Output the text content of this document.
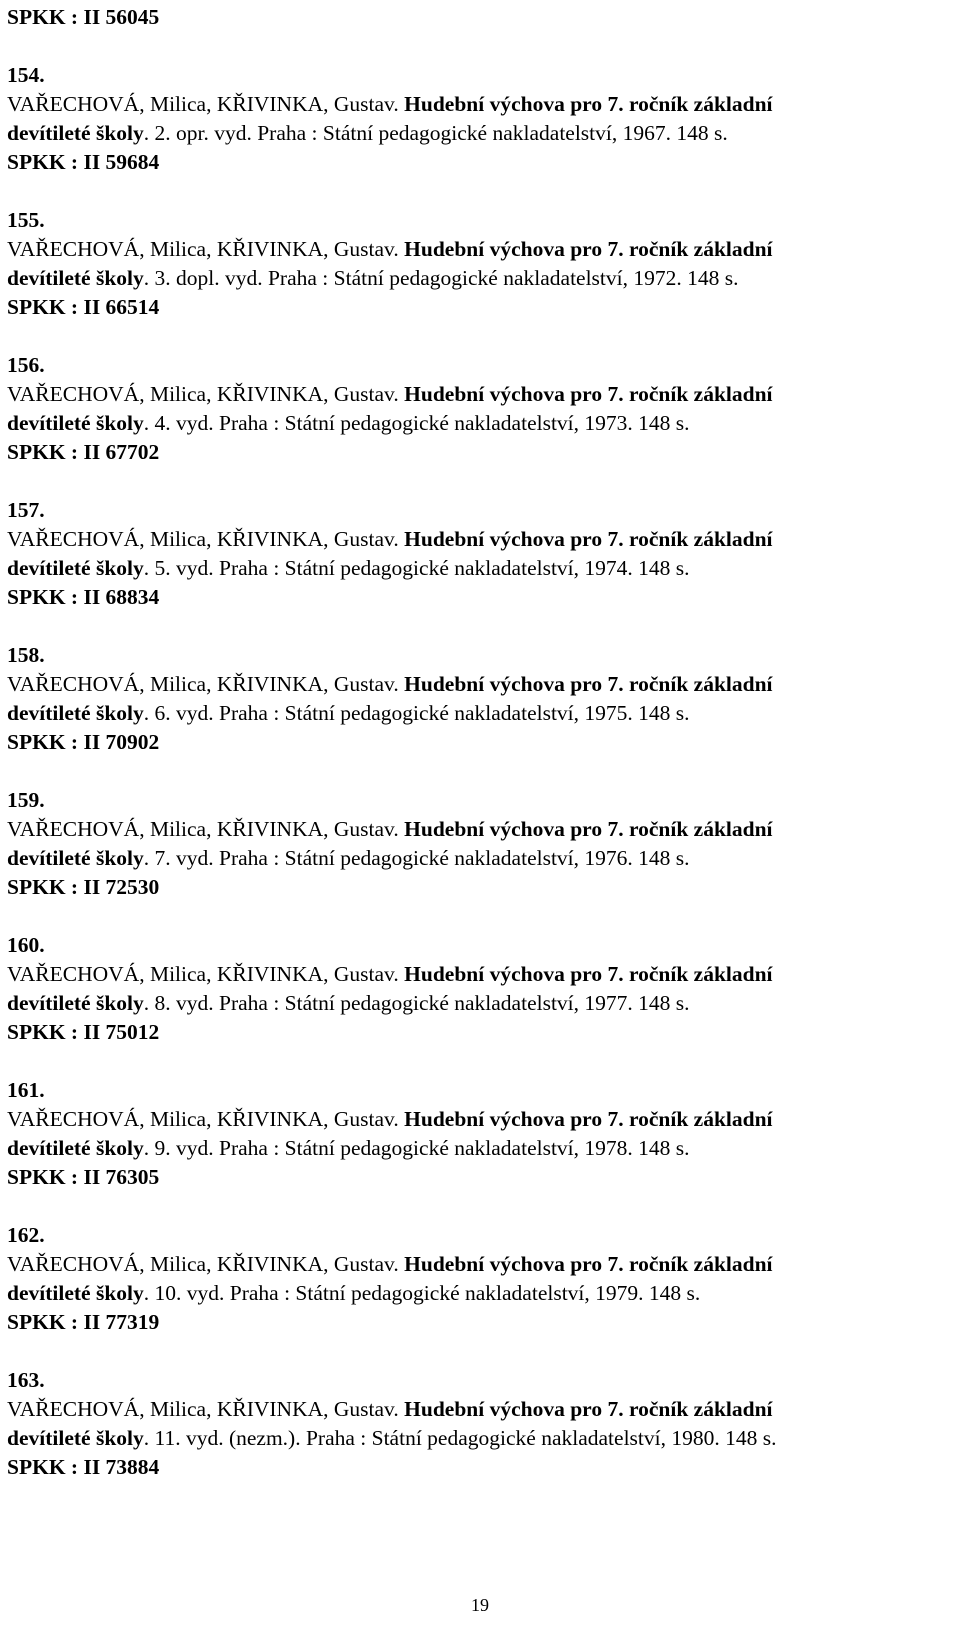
SPKK : II 56045
154.
VAŘECHOVÁ, Milica, KŘIVINKA, Gustav. Hudební výchova pro 7. ročník základní
devítileté školy. 2. opr. vyd. Praha : Státní pedagogické nakladatelství, 1967. 148 s.
SPKK : II 59684
155.
VAŘECHOVÁ, Milica, KŘIVINKA, Gustav. Hudební výchova pro 7. ročník základní
devítileté školy. 3. dopl. vyd. Praha : Státní pedagogické nakladatelství, 1972. 148 s.
SPKK : II 66514
156.
VAŘECHOVÁ, Milica, KŘIVINKA, Gustav. Hudební výchova pro 7. ročník základní
devítileté školy. 4. vyd. Praha : Státní pedagogické nakladatelství, 1973. 148 s.
SPKK : II 67702
157.
VAŘECHOVÁ, Milica, KŘIVINKA, Gustav. Hudební výchova pro 7. ročník základní
devítileté školy. 5. vyd. Praha : Státní pedagogické nakladatelství, 1974. 148 s.
SPKK : II 68834
158.
VAŘECHOVÁ, Milica, KŘIVINKA, Gustav. Hudební výchova pro 7. ročník základní
devítileté školy. 6. vyd. Praha : Státní pedagogické nakladatelství, 1975. 148 s.
SPKK : II 70902
159.
VAŘECHOVÁ, Milica, KŘIVINKA, Gustav. Hudební výchova pro 7. ročník základní
devítileté školy. 7. vyd. Praha : Státní pedagogické nakladatelství, 1976. 148 s.
SPKK : II 72530
160.
VAŘECHOVÁ, Milica, KŘIVINKA, Gustav. Hudební výchova pro 7. ročník základní
devítileté školy. 8. vyd. Praha : Státní pedagogické nakladatelství, 1977. 148 s.
SPKK : II 75012
161.
VAŘECHOVÁ, Milica, KŘIVINKA, Gustav. Hudební výchova pro 7. ročník základní
devítileté školy. 9. vyd. Praha : Státní pedagogické nakladatelství, 1978. 148 s.
SPKK : II 76305
162.
VAŘECHOVÁ, Milica, KŘIVINKA, Gustav. Hudební výchova pro 7. ročník základní
devítileté školy. 10. vyd. Praha : Státní pedagogické nakladatelství, 1979. 148 s.
SPKK : II 77319
163.
VAŘECHOVÁ, Milica, KŘIVINKA, Gustav. Hudební výchova pro 7. ročník základní
devítileté školy. 11. vyd. (nezm.). Praha : Státní pedagogické nakladatelství, 1980. 148 s.
SPKK : II 73884
19
